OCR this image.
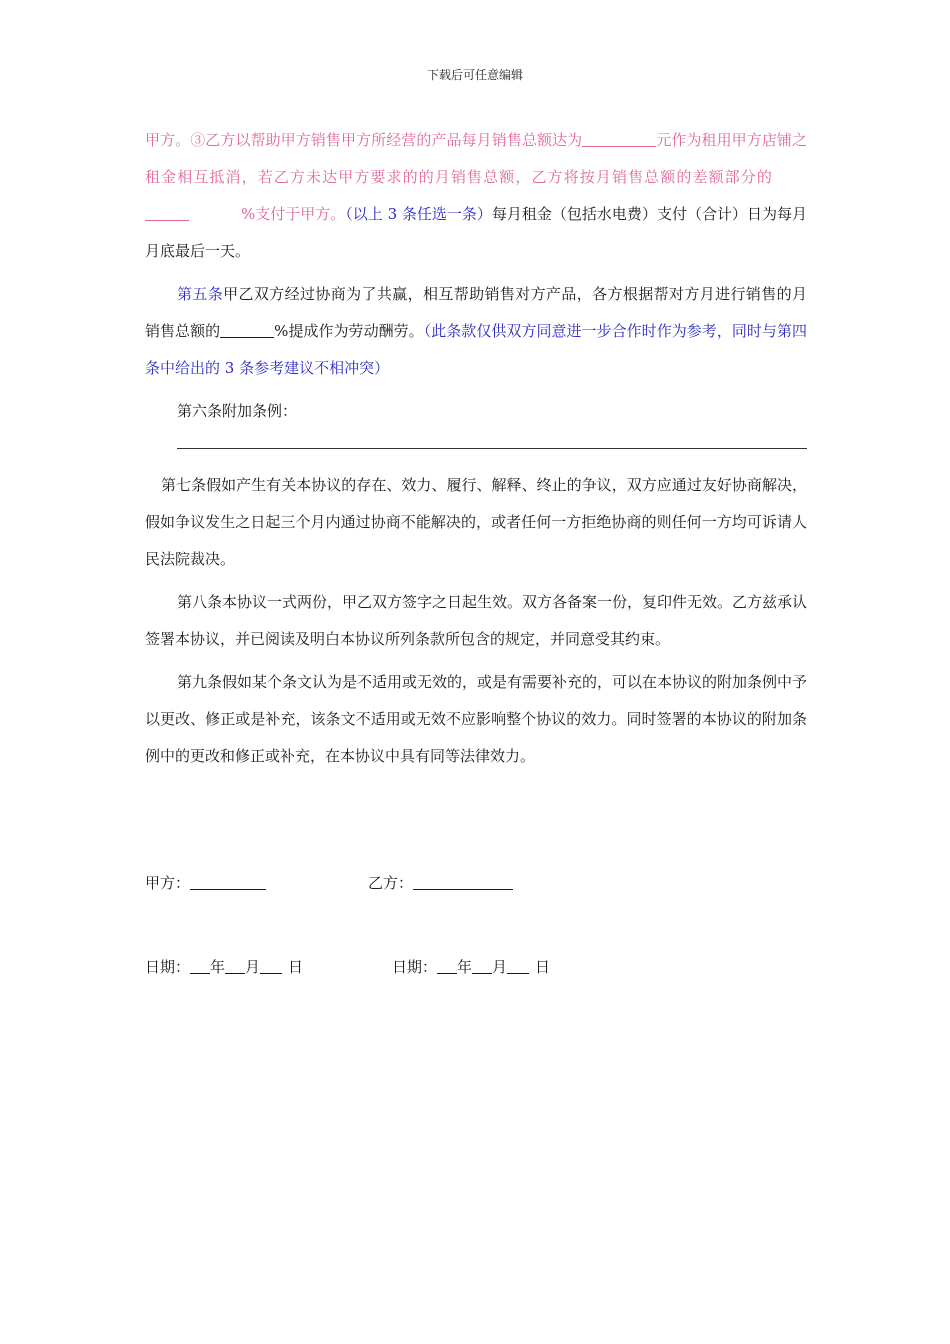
下载后可任意编辑

甲方。③乙方以帮助甲方销售甲方所经营的产品每月销售总额达为	元作为租用甲方店铺之租金相互抵消，若乙方未达甲方要求的的月销售总额，乙方将按月销售总额的差额部分的%支付于甲方。（以上 3 条任选一条）每月租金（包括水电费）支付（合计）日为每月月底最后一天。

第五条甲乙双方经过协商为了共赢，相互帮助销售对方产品，各方根据帮对方月进行销售的月销售总额的	%提成作为劳动酬劳。（此条款仅供双方同意进一步合作时作为参考，同时与第四条中给出的 3 条参考建议不相冲突）

第六条附加条例：

第七条假如产生有关本协议的存在、效力、履行、解释、终止的争议，双方应通过友好协商解决，假如争议发生之日起三个月内通过协商不能解决的，或者任何一方拒绝协商的则任何一方均可诉请人民法院裁决。

第八条本协议一式两份，甲乙双方签字之日起生效。双方各备案一份，复印件无效。乙方兹承认签署本协议，并已阅读及明白本协议所列条款所包含的规定，并同意受其约束。

第九条假如某个条文认为是不适用或无效的，或是有需要补充的，可以在本协议的附加条例中予以更改、修正或是补充，该条文不适用或无效不应影响整个协议的效力。同时签署的本协议的附加条例中的更改和修正或补充，在本协议中具有同等法律效力。

甲方：	乙方：
日期： 年 月 日	日期： 年 月 日
